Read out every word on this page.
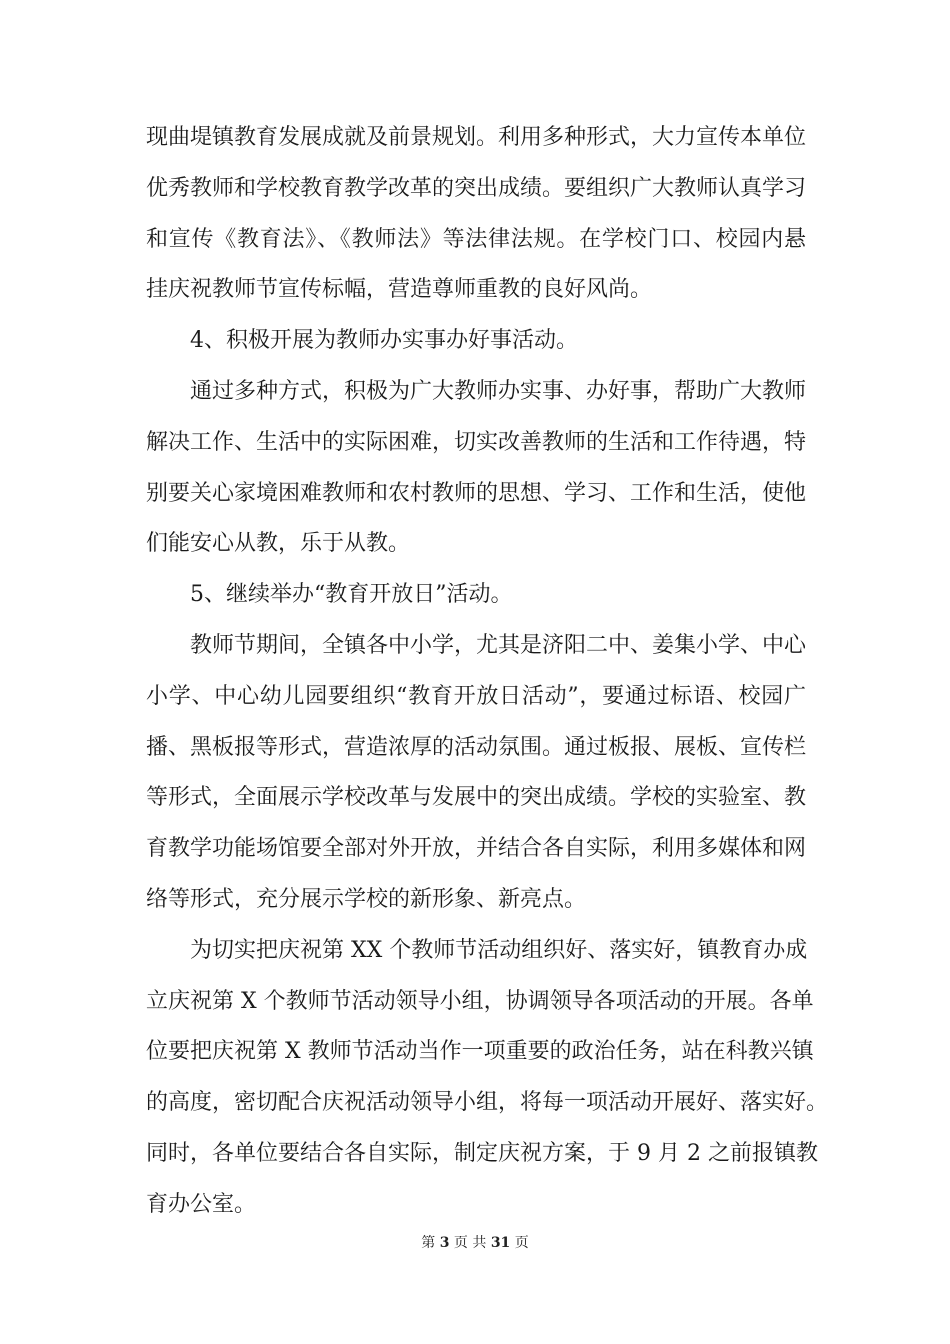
现曲堤镇教育发展成就及前景规划。利用多种形式，大力宣传本单位
优秀教师和学校教育教学改革的突出成绩。要组织广大教师认真学习
和宣传《教育法》、《教师法》等法律法规。在学校门口、校园内悬
挂庆祝教师节宣传标幅，营造尊师重教的良好风尚。
4、积极开展为教师办实事办好事活动。
通过多种方式，积极为广大教师办实事、办好事，帮助广大教师
解决工作、生活中的实际困难，切实改善教师的生活和工作待遇，特
别要关心家境困难教师和农村教师的思想、学习、工作和生活，使他
们能安心从教，乐于从教。
5、继续举办“教育开放日”活动。
教师节期间，全镇各中小学，尤其是济阳二中、姜集小学、中心
小学、中心幼儿园要组织“教育开放日活动”，要通过标语、校园广
播、黑板报等形式，营造浓厚的活动氛围。通过板报、展板、宣传栏
等形式，全面展示学校改革与发展中的突出成绩。学校的实验室、教
育教学功能场馆要全部对外开放，并结合各自实际，利用多媒体和网
络等形式，充分展示学校的新形象、新亮点。
为切实把庆祝第 XX 个教师节活动组织好、落实好，镇教育办成
立庆祝第 X 个教师节活动领导小组，协调领导各项活动的开展。各单
位要把庆祝第 X 教师节活动当作一项重要的政治任务，站在科教兴镇
的高度，密切配合庆祝活动领导小组，将每一项活动开展好、落实好。
同时，各单位要结合各自实际，制定庆祝方案，于 9 月 2 之前报镇教
育办公室。
第 3 页 共 31 页
